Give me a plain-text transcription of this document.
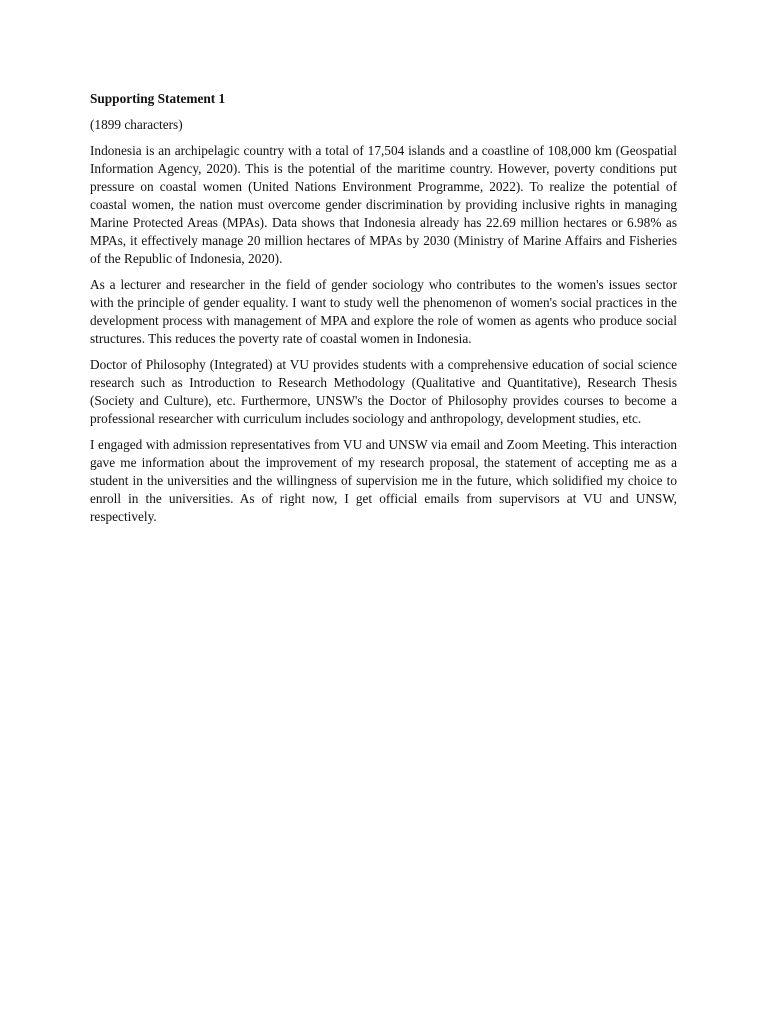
Supporting Statement 1

(1899 characters)

Indonesia is an archipelagic country with a total of 17,504 islands and a coastline of 108,000 km (Geospatial Information Agency, 2020). This is the potential of the maritime country. However, poverty conditions put pressure on coastal women (United Nations Environment Programme, 2022). To realize the potential of coastal women, the nation must overcome gender discrimination by providing inclusive rights in managing Marine Protected Areas (MPAs). Data shows that Indonesia already has 22.69 million hectares or 6.98% as MPAs, it effectively manage 20 million hectares of MPAs by 2030 (Ministry of Marine Affairs and Fisheries of the Republic of Indonesia, 2020).

As a lecturer and researcher in the field of gender sociology who contributes to the women's issues sector with the principle of gender equality. I want to study well the phenomenon of women's social practices in the development process with management of MPA and explore the role of women as agents who produce social structures. This reduces the poverty rate of coastal women in Indonesia.

Doctor of Philosophy (Integrated) at VU provides students with a comprehensive education of social science research such as Introduction to Research Methodology (Qualitative and Quantitative), Research Thesis (Society and Culture), etc. Furthermore, UNSW's the Doctor of Philosophy provides courses to become a professional researcher with curriculum includes sociology and anthropology, development studies, etc.

I engaged with admission representatives from VU and UNSW via email and Zoom Meeting. This interaction gave me information about the improvement of my research proposal, the statement of accepting me as a student in the universities and the willingness of supervision me in the future, which solidified my choice to enroll in the universities. As of right now, I get official emails from supervisors at VU and UNSW, respectively.
